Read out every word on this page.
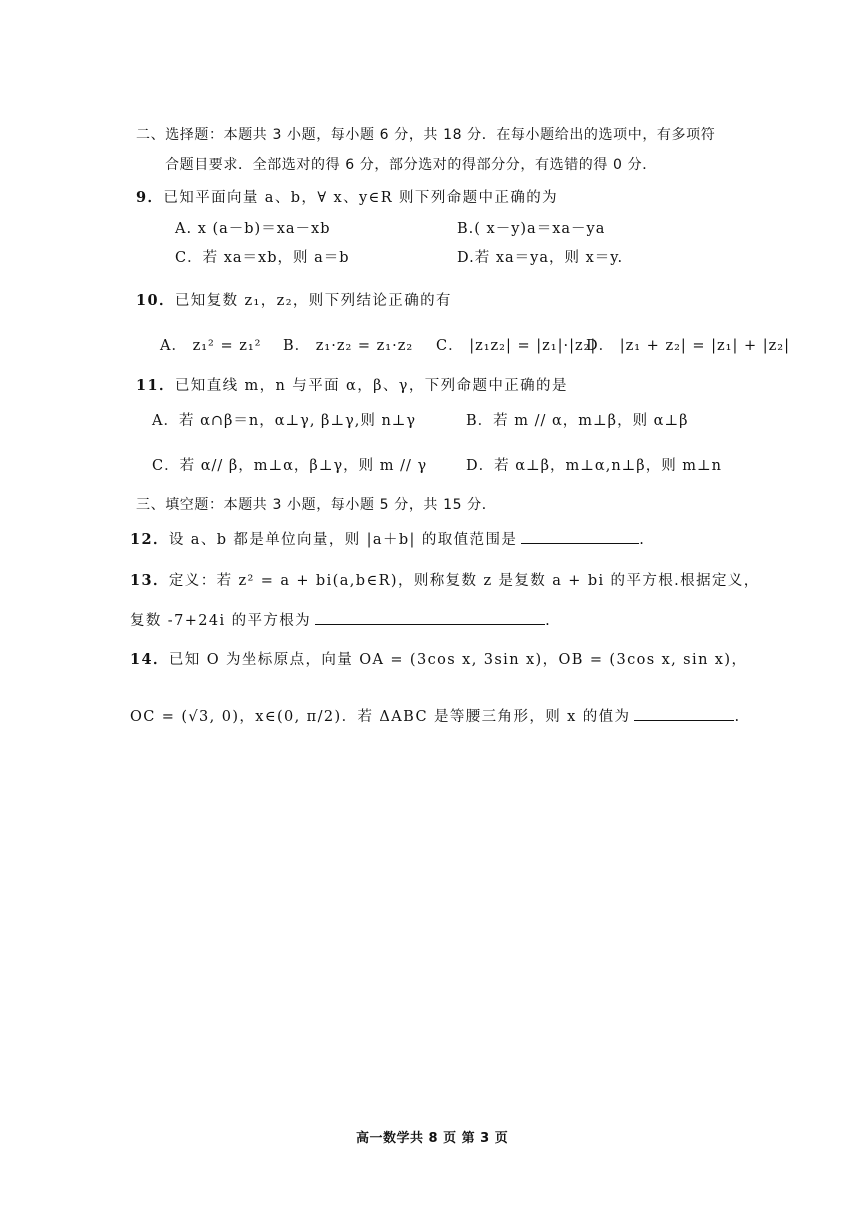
二、选择题：本题共 3 小题，每小题 6 分，共 18 分．在每小题给出的选项中，有多项符
合题目要求．全部选对的得 6 分，部分选对的得部分分，有选错的得 0 分．
9．已知平面向量 a、b，∀ x、y∈R 则下列命题中正确的为
A. x (a－b)＝xa－xb	B.( x－y)a＝xa－ya
C．若 xa＝xb，则 a＝b	D.若 xa＝ya，则 x＝y.
10．已知复数 z₁，z₂，则下列结论正确的有
A． z₁² = z₁² B． z₁·z₂ = z₁·z₂ C． |z₁z₂| = |z₁|·|z₂|
D． |z₁ + z₂| = |z₁| + |z₂|
11．已知直线 m，n 与平面 α，β、γ，下列命题中正确的是
A．若 α∩β＝n，α⊥γ, β⊥γ,则 n⊥γ	B．若 m // α，m⊥β，则 α⊥β
C．若 α// β，m⊥α，β⊥γ，则 m // γ	D．若 α⊥β，m⊥α,n⊥β，则 m⊥n
三、填空题：本题共 3 小题，每小题 5 分，共 15 分．
12．设 a、b 都是单位向量，则 |a＋b| 的取值范围是	.
13．定义：若 z² = a + bi(a,b∈R)，则称复数 z 是复数 a + bi 的平方根.根据定义，
复数 -7+24i 的平方根为	.
14．已知 O 为坐标原点，向量 OA = (3cos x, 3sin x)，OB = (3cos x, sin x)，
OC = (√3, 0)，x∈(0, π/2)．若 ΔABC 是等腰三角形，则 x 的值为	.
高一数学共 8 页 第 3 页
